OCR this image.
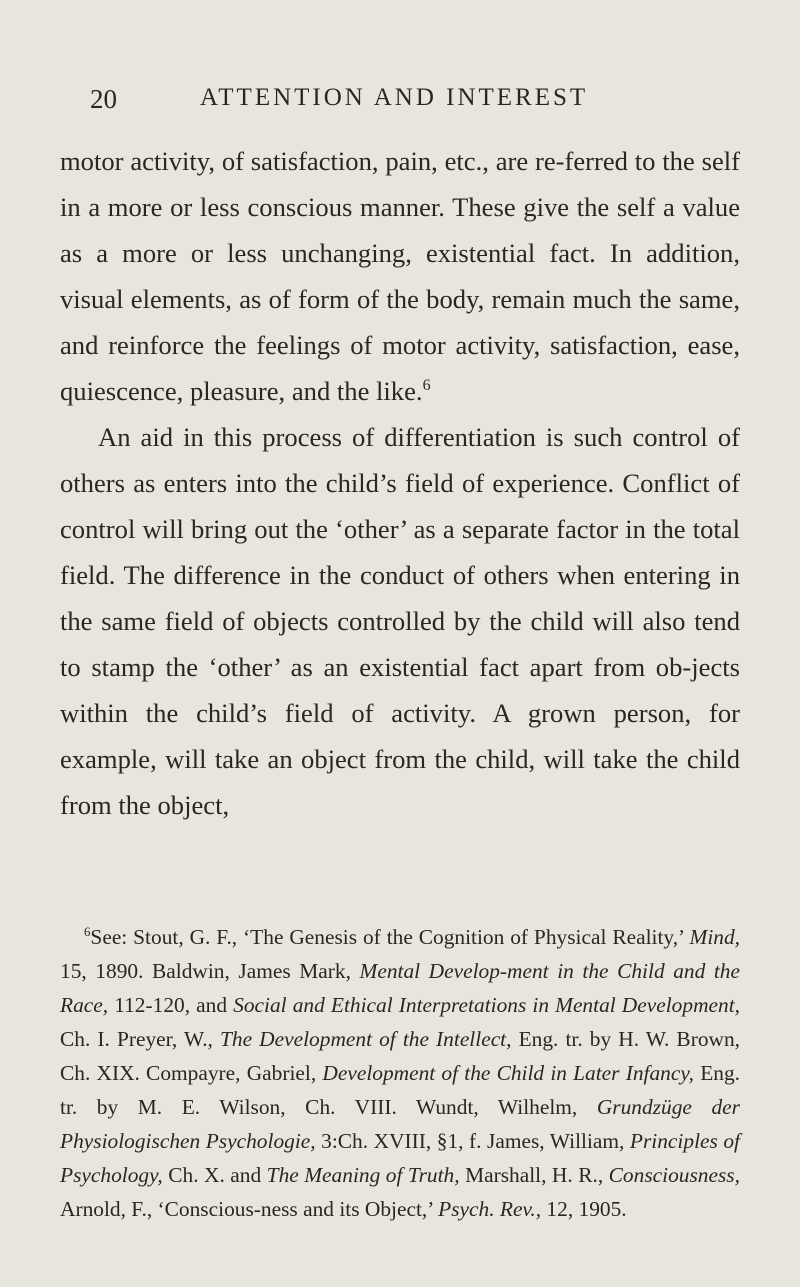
20	ATTENTION AND INTEREST

motor activity, of satisfaction, pain, etc., are re-ferred to the self in a more or less conscious manner. These give the self a value as a more or less unchanging, existential fact. In addition, visual elements, as of form of the body, remain much the same, and reinforce the feelings of motor activity, satisfaction, ease, quiescence, pleasure, and the like.$^6$

An aid in this process of differentiation is such control of others as enters into the child’s field of experience. Conflict of control will bring out the ‘other’ as a separate factor in the total field. The difference in the conduct of others when entering in the same field of objects controlled by the child will also tend to stamp the ‘other’ as an existential fact apart from ob-jects within the child’s field of activity. A grown person, for example, will take an object from the child, will take the child from the object,

$^6$See: Stout, G. F., ‘The Genesis of the Cognition of Physical Reality,’ Mind, 15, 1890. Baldwin, James Mark, Mental Develop-ment in the Child and the Race, 112-120, and Social and Ethical Interpretations in Mental Development, Ch. I. Preyer, W., The Development of the Intellect, Eng. tr. by H. W. Brown, Ch. XIX. Compayre, Gabriel, Development of the Child in Later Infancy, Eng. tr. by M. E. Wilson, Ch. VIII. Wundt, Wilhelm, Grundzüge der Physiologischen Psychologie, 3:Ch. XVIII, §1, f. James, William, Principles of Psychology, Ch. X. and The Meaning of Truth, Marshall, H. R., Consciousness, Arnold, F., ‘Conscious-ness and its Object,’ Psych. Rev., 12, 1905.
